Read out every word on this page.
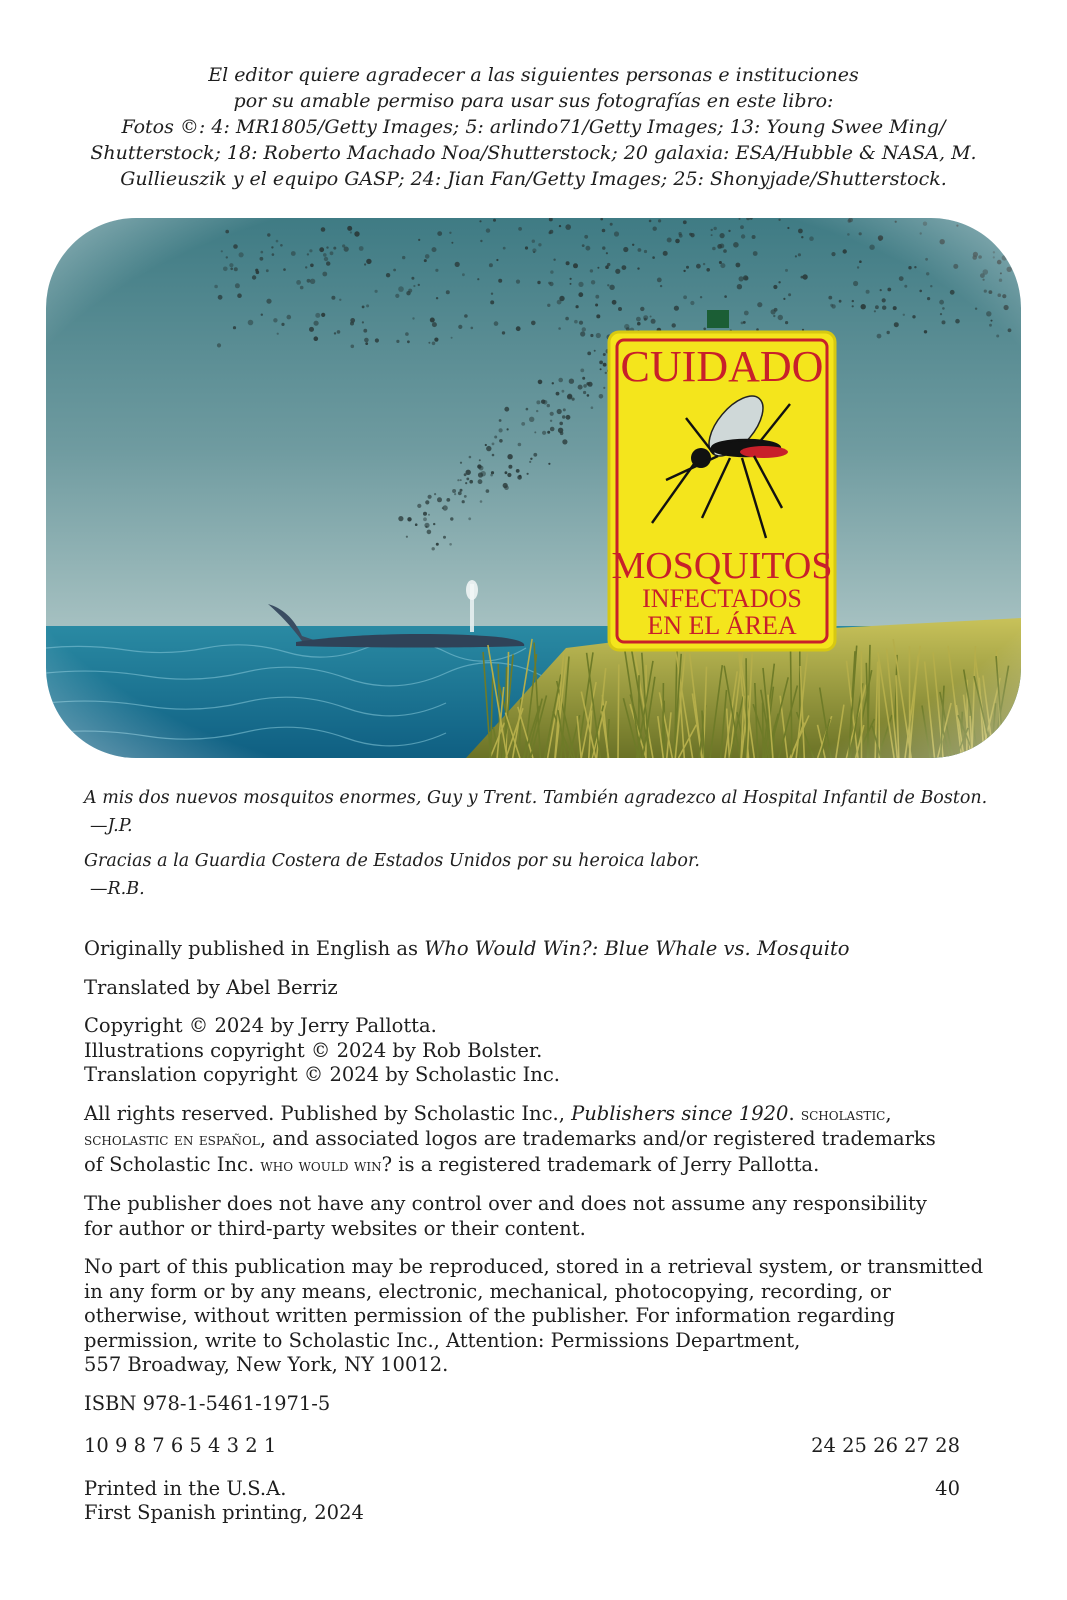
El editor quiere agradecer a las siguientes personas e instituciones
por su amable permiso para usar sus fotografías en este libro:
Fotos ©: 4: MR1805/Getty Images; 5: arlindo71/Getty Images; 13: Young Swee Ming/
Shutterstock; 18: Roberto Machado Noa/Shutterstock; 20 galaxia: ESA/Hubble & NASA, M.
Gullieuszik y el equipo GASP; 24: Jian Fan/Getty Images; 25: Shonyjade/Shutterstock.
A mis dos nuevos mosquitos enormes, Guy y Trent. También agradezco al Hospital Infantil de Boston.
—J.P.
Gracias a la Guardia Costera de Estados Unidos por su heroica labor.
—R.B.

Originally published in English as Who Would Win?: Blue Whale vs. Mosquito

Translated by Abel Berriz

Copyright © 2024 by Jerry Pallotta.
Illustrations copyright © 2024 by Rob Bolster.
Translation copyright © 2024 by Scholastic Inc.

All rights reserved. Published by Scholastic Inc., Publishers since 1920. scholastic,
scholastic en español, and associated logos are trademarks and/or registered trademarks
of Scholastic Inc. who would win? is a registered trademark of Jerry Pallotta.

The publisher does not have any control over and does not assume any responsibility
for author or third-party websites or their content.

No part of this publication may be reproduced, stored in a retrieval system, or transmitted
in any form or by any means, electronic, mechanical, photocopying, recording, or
otherwise, without written permission of the publisher. For information regarding
permission, write to Scholastic Inc., Attention: Permissions Department,
557 Broadway, New York, NY 10012.

ISBN 978-1-5461-1971-5

10 9 8 7 6 5 4 3 2 1	24 25 26 27 28

Printed in the U.S.A.	40
First Spanish printing, 2024
